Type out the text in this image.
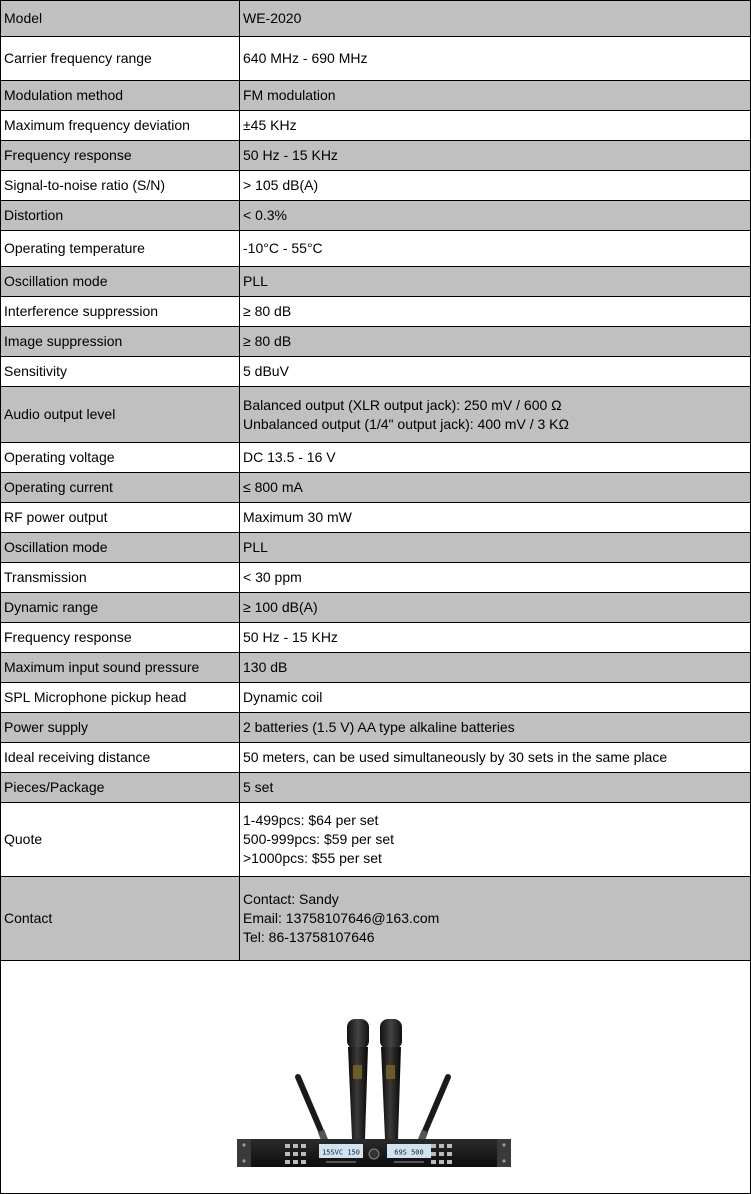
Model	WE-2020

Carrier frequency range	640 MHz - 690 MHz

Modulation method	FM modulation

Maximum frequency deviation	±45 KHz

Frequency response	50 Hz - 15 KHz

Signal-to-noise ratio (S/N)	> 105 dB(A)

Distortion	< 0.3%

Operating temperature	-10°C - 55°C

Oscillation mode	PLL

Interference suppression	≥ 80 dB

Image suppression	≥ 80 dB

Sensitivity	5 dBuV

Audio output level	Balanced output (XLR output jack): 250 mV / 600 Ω
Unbalanced output (1/4" output jack): 400 mV / 3 KΩ

Operating voltage	DC 13.5 - 16 V

Operating current	≤ 800 mA

RF power output	Maximum 30 mW

Oscillation mode	PLL

Transmission	< 30 ppm

Dynamic range	≥ 100 dB(A)

Frequency response	50 Hz - 15 KHz

Maximum input sound pressure	130 dB

SPL Microphone pickup head	Dynamic coil

Power supply	2 batteries (1.5 V) AA type alkaline batteries

Ideal receiving distance	50 meters, can be used simultaneously by 30 sets in the same place

Pieces/Package	5 set

Quote	1-499pcs: $64 per set
500-999pcs: $59 per set
>1000pcs: $55 per set

Contact	Contact: Sandy
Email: 13758107646@163.com
Tel: 86-13758107646

15SVC 150 69S 500	
